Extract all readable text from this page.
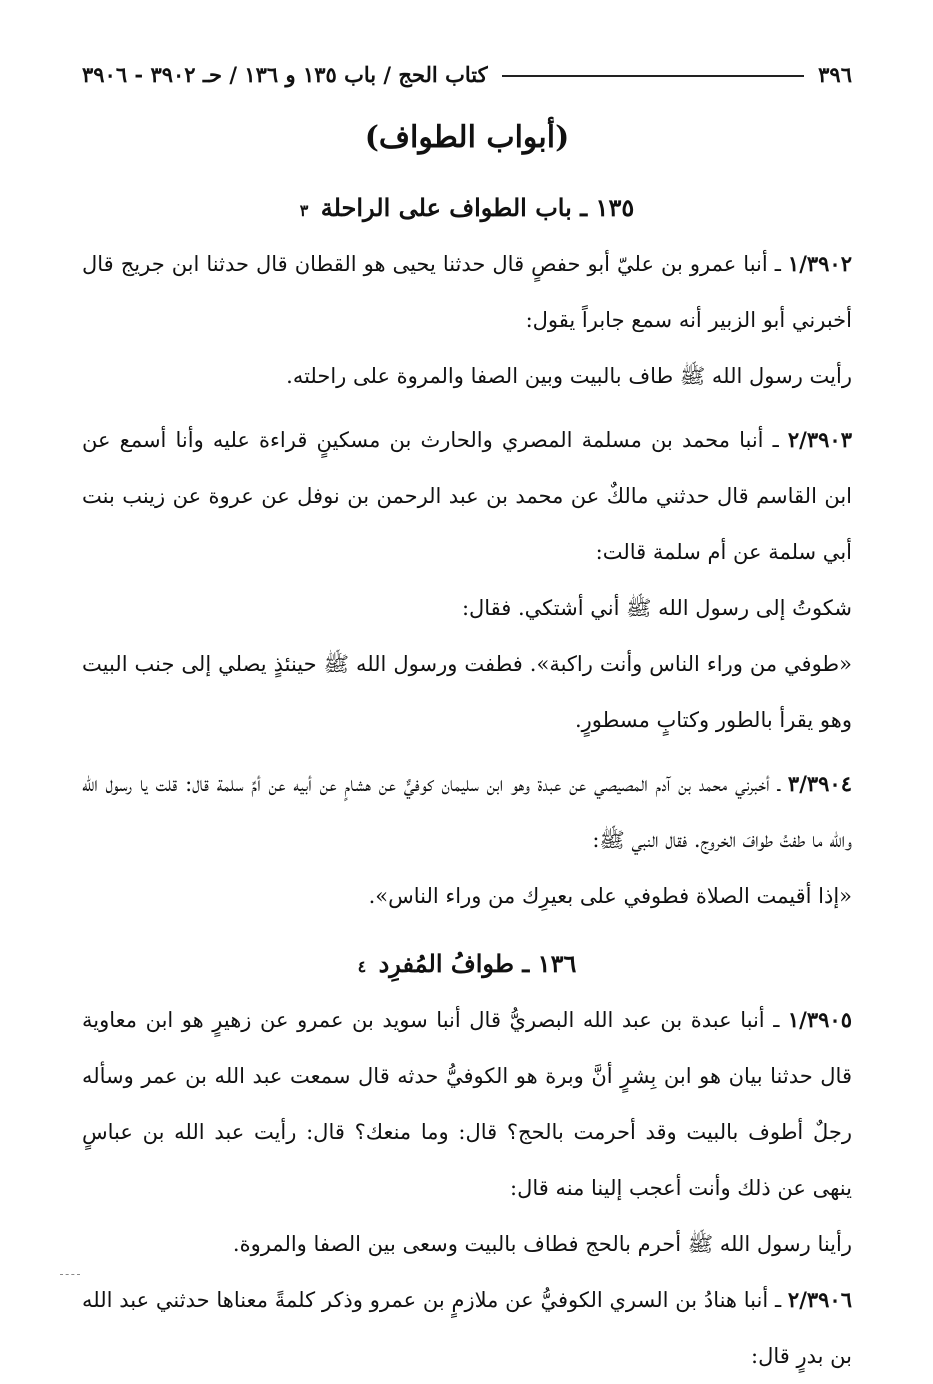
٣٩٦
كتاب الحج / باب ١٣٥ و ١٣٦ / حـ ٣٩٠٢ - ٣٩٠٦
(أبواب الطواف)
١٣٥ ـ باب الطواف على الراحلة ٣

١/٣٩٠٢ ـ أنبا عمرو بن عليّ أبو حفصٍ قال حدثنا يحيى هو القطان قال حدثنا ابن جريج قال أخبرني أبو الزبير أنه سمع جابراً يقول:

رأيت رسول الله ﷺ طاف بالبيت وبين الصفا والمروة على راحلته.

٢/٣٩٠٣ ـ أنبا محمد بن مسلمة المصري والحارث بن مسكينٍ قراءة عليه وأنا أسمع عن ابن القاسم قال حدثني مالكٌ عن محمد بن عبد الرحمن بن نوفل عن عروة عن زينب بنت أبي سلمة عن أم سلمة قالت:

شكوتُ إلى رسول الله ﷺ أني أشتكي. فقال:

«طوفي من وراء الناس وأنت راكبة». فطفت ورسول الله ﷺ حينئذٍ يصلي إلى جنب البيت وهو يقرأ بالطور وكتابٍ مسطورٍ.

٣/٣٩٠٤ ـ أخبرني محمد بن آدم المصيصي عن عبدة وهو ابن سليمان كوفيٌّ عن هشامٍ عن أبيه عن أمِّ سلمة قال: قلت يا رسول الله والله ما طفتُ طوافَ الخروج. فقال النبي ﷺ:

«إذا أقيمت الصلاة فطوفي على بعيرِك من وراء الناس».

١٣٦ ـ طوافُ المُفرِد ٤

١/٣٩٠٥ ـ أنبا عبدة بن عبد الله البصريُّ قال أنبا سويد بن عمرو عن زهيرٍ هو ابن معاوية قال حدثنا بيان هو ابن بِشرٍ أنَّ وبرة هو الكوفيُّ حدثه قال سمعت عبد الله بن عمر وسأله رجلٌ أطوف بالبيت وقد أحرمت بالحج؟ قال: وما منعك؟ قال: رأيت عبد الله بن عباسٍ ينهى عن ذلك وأنت أعجب إلينا منه قال:

رأينا رسول الله ﷺ أحرم بالحج فطاف بالبيت وسعى بين الصفا والمروة.

٢/٣٩٠٦ ـ أنبا هنادُ بن السري الكوفيُّ عن ملازمٍ بن عمرو وذكر كلمةً معناها حدثني عبد الله بن بدرٍ قال:
